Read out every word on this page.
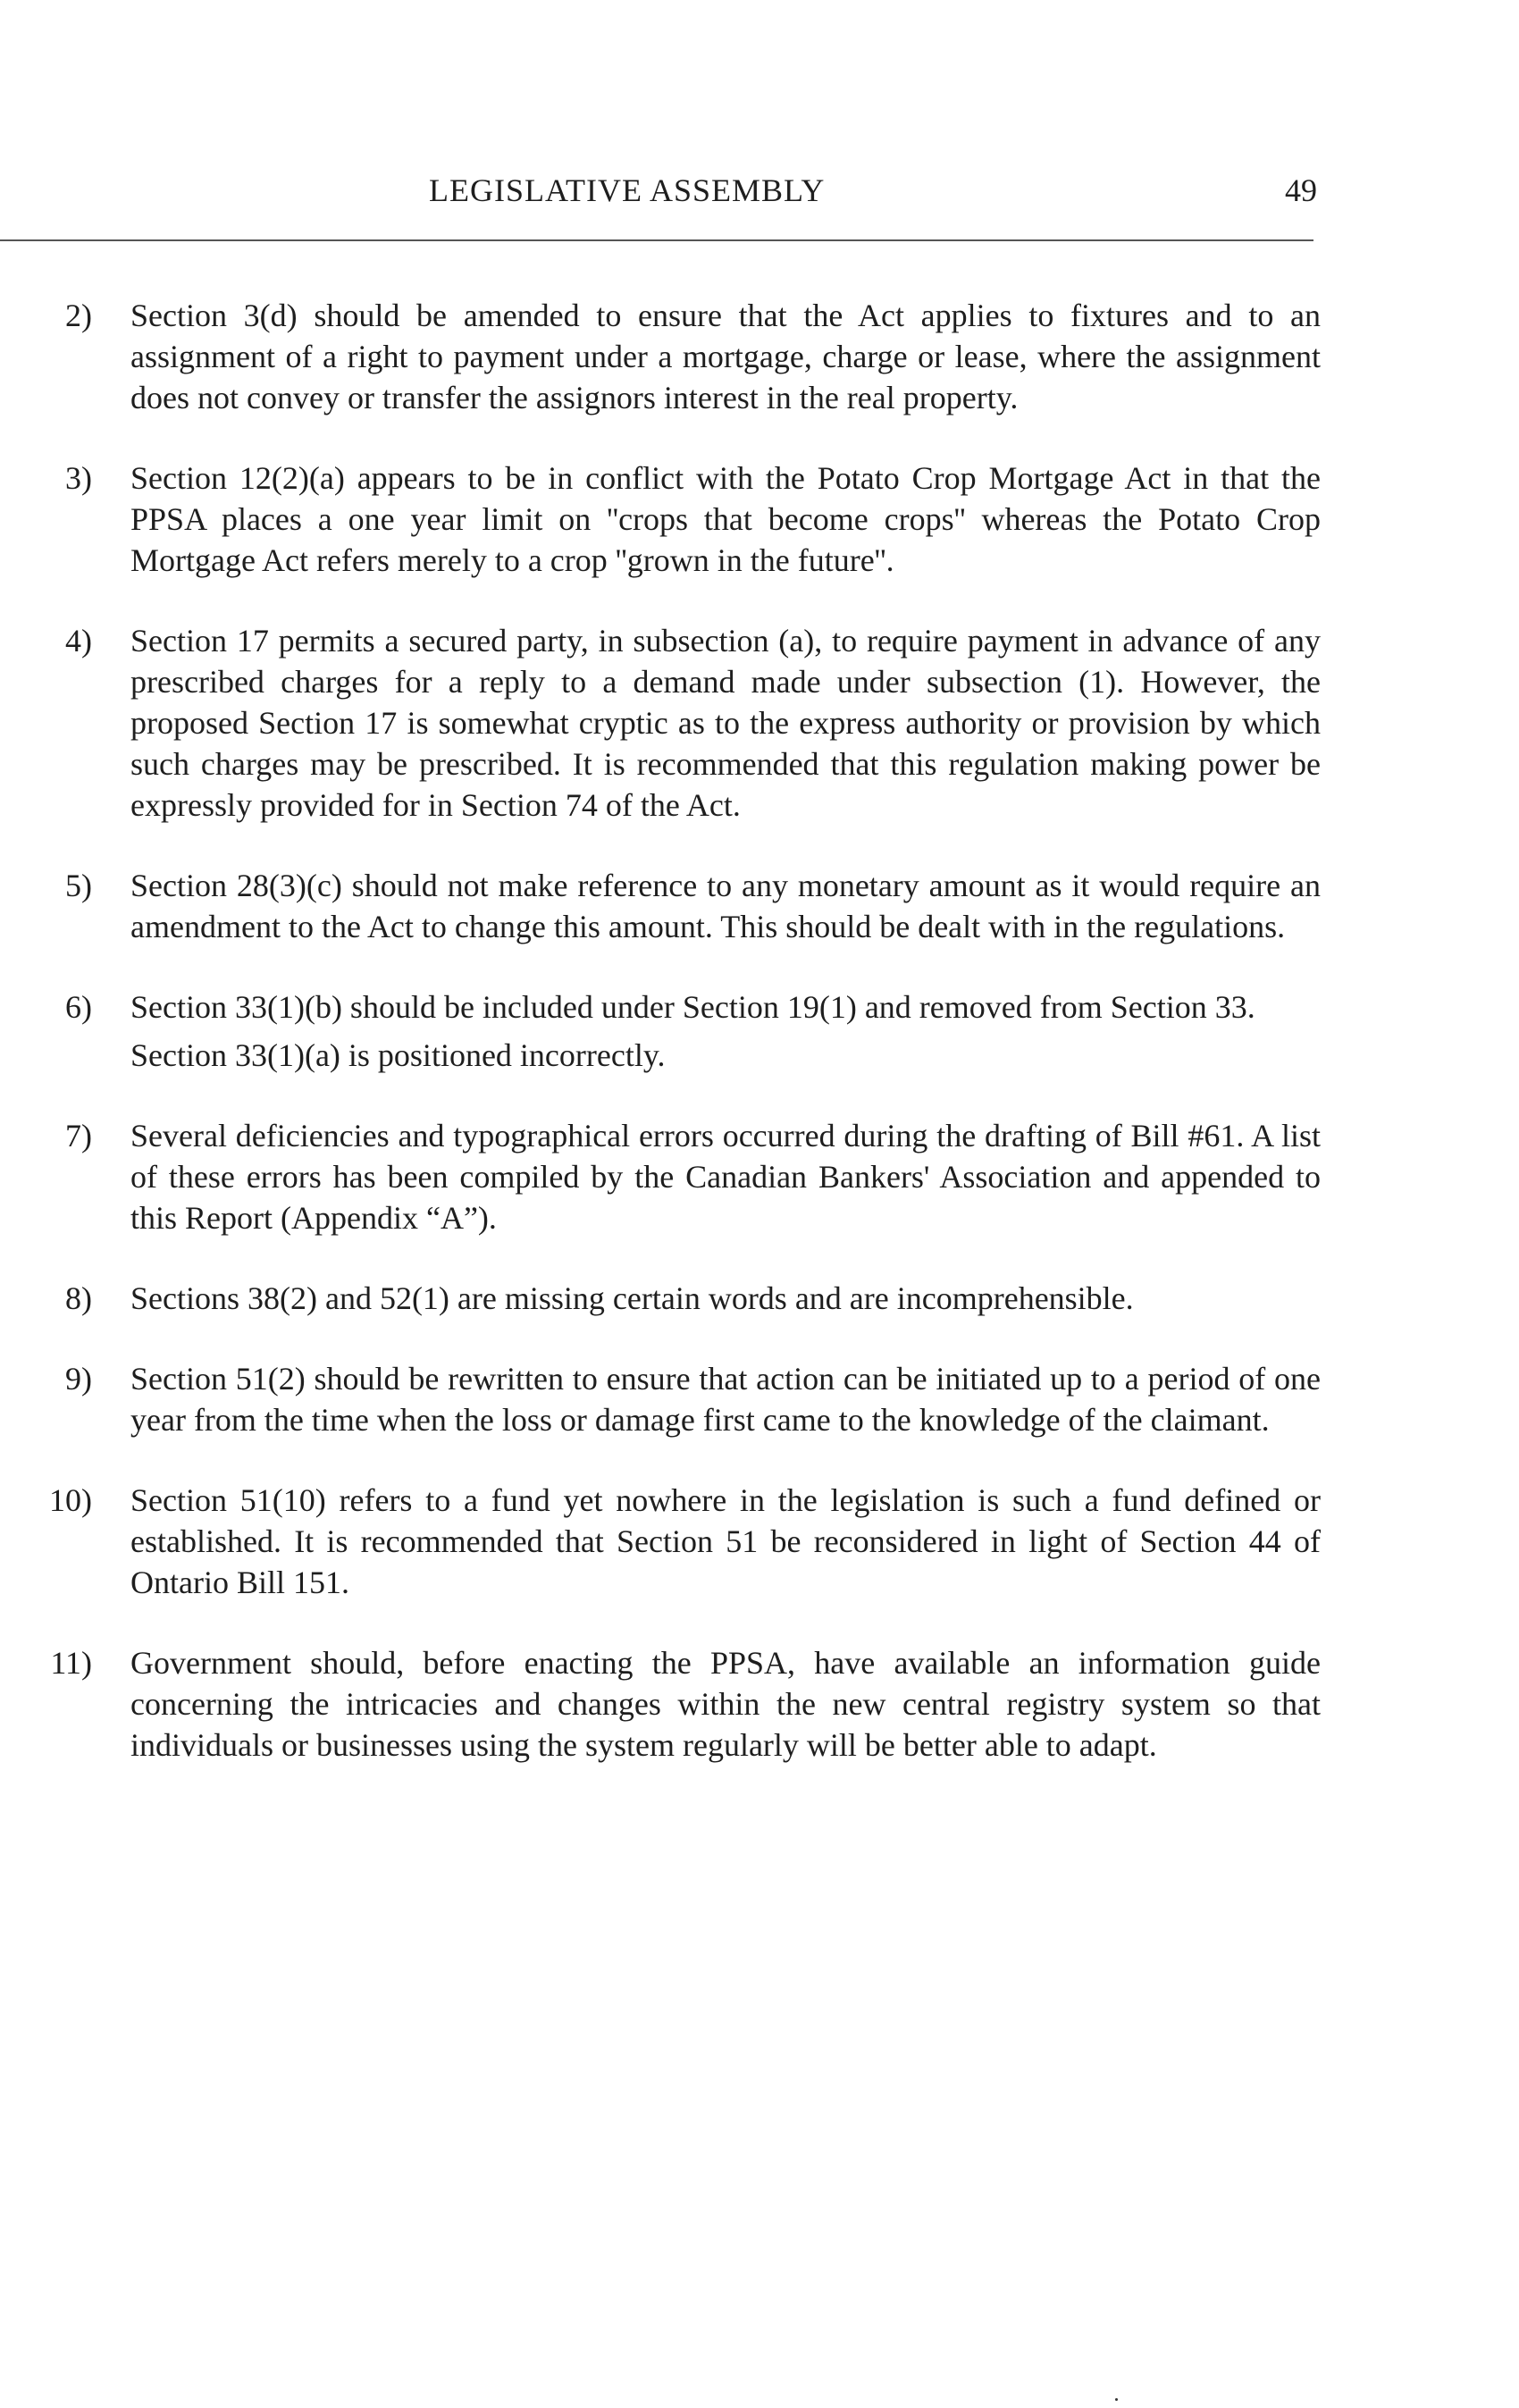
LEGISLATIVE ASSEMBLY	49
2) Section 3(d) should be amended to ensure that the Act applies to fixtures and to an assignment of a right to payment under a mortgage, charge or lease, where the assignment does not convey or transfer the assignors interest in the real property.

3) Section 12(2)(a) appears to be in conflict with the Potato Crop Mortgage Act in that the PPSA places a one year limit on ''crops that become crops'' whereas the Potato Crop Mortgage Act refers merely to a crop ''grown in the future''.

4) Section 17 permits a secured party, in subsection (a), to require payment in advance of any prescribed charges for a reply to a demand made under subsection (1). However, the proposed Section 17 is somewhat cryptic as to the express authority or provision by which such charges may be prescribed. It is recommended that this regulation making power be expressly provided for in Section 74 of the Act.

5) Section 28(3)(c) should not make reference to any monetary amount as it would require an amendment to the Act to change this amount. This should be dealt with in the regulations.

6) Section 33(1)(b) should be included under Section 19(1) and removed from Section 33.

Section 33(1)(a) is positioned incorrectly.

7) Several deficiencies and typographical errors occurred during the drafting of Bill #61. A list of these errors has been compiled by the Canadian Bankers' Association and appended to this Report (Appendix “A”).

8) Sections 38(2) and 52(1) are missing certain words and are incomprehensible.

9) Section 51(2) should be rewritten to ensure that action can be initiated up to a period of one year from the time when the loss or damage first came to the knowledge of the claimant.

10) Section 51(10) refers to a fund yet nowhere in the legislation is such a fund defined or established. It is recommended that Section 51 be reconsidered in light of Section 44 of Ontario Bill 151.

11) Government should, before enacting the PPSA, have available an information guide concerning the intricacies and changes within the new central registry system so that individuals or businesses using the system regularly will be better able to adapt.
